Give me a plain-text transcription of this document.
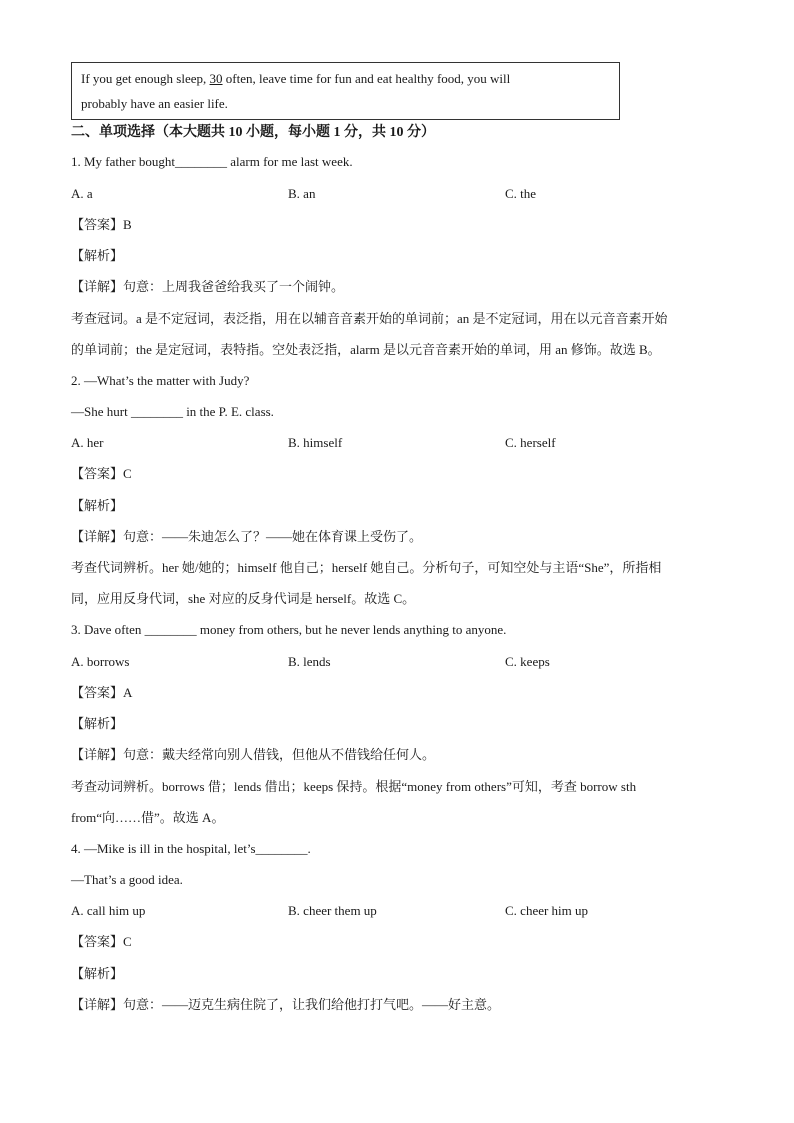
If you get enough sleep, 30 often, leave time for fun and eat healthy food, you will
probably have an easier life.
二、单项选择（本大题共 10 小题，每小题 1 分，共 10 分）
1. My father bought________ alarm for me last week.
A. a	B. an	C. the
【答案】B
【解析】
【详解】句意：上周我爸爸给我买了一个闹钟。
考查冠词。a 是不定冠词，表泛指，用在以辅音音素开始的单词前；an 是不定冠词，用在以元音音素开始
的单词前；the 是定冠词，表特指。空处表泛指，alarm 是以元音音素开始的单词，用 an 修饰。故选 B。
2. —What’s the matter with Judy?
—She hurt ________ in the P. E. class.
A. her	B. himself	C. herself
【答案】C
【解析】
【详解】句意：——朱迪怎么了？——她在体育课上受伤了。
考查代词辨析。her 她/她的；himself 他自己；herself 她自己。分析句子，可知空处与主语“She”，所指相
同，应用反身代词，she 对应的反身代词是 herself。故选 C。
3. Dave often ________ money from others, but he never lends anything to anyone.
A. borrows	B. lends	C. keeps
【答案】A
【解析】
【详解】句意：戴夫经常向别人借钱，但他从不借钱给任何人。
考查动词辨析。borrows 借；lends 借出；keeps 保持。根据“money from others”可知，考查 borrow sth
from“向……借”。故选 A。
4. —Mike is ill in the hospital, let’s________.
—That’s a good idea.
A. call him up	B. cheer them up	C. cheer him up
【答案】C
【解析】
【详解】句意：——迈克生病住院了，让我们给他打打气吧。——好主意。
